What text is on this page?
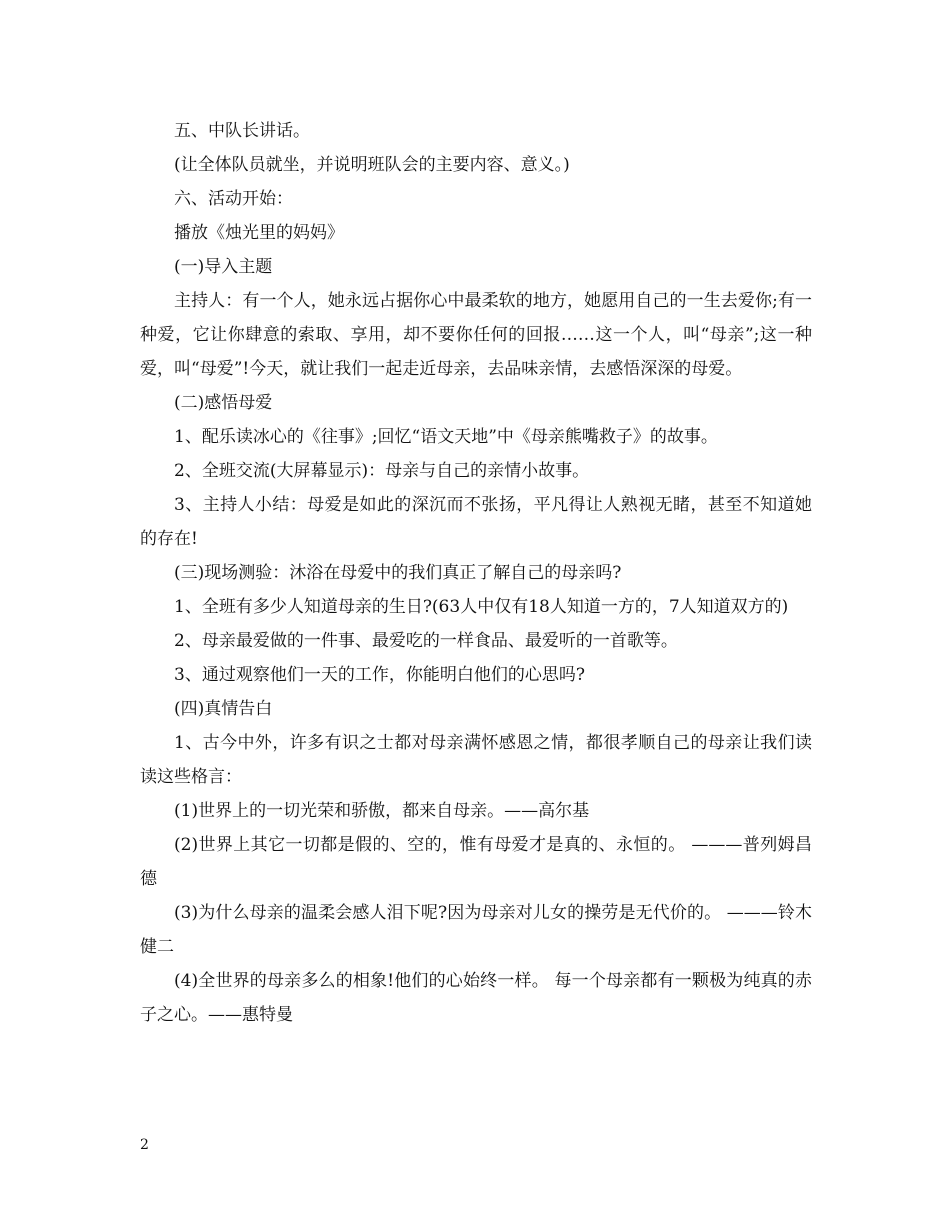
五、中队长讲话。

(让全体队员就坐，并说明班队会的主要内容、意义。)

六、活动开始：

播放《烛光里的妈妈》

(一)导入主题

主持人：有一个人，她永远占据你心中最柔软的地方，她愿用自己的一生去爱你;有一种爱，它让你肆意的索取、享用，却不要你任何的回报……这一个人，叫“母亲”;这一种爱，叫“母爱”!今天，就让我们一起走近母亲，去品味亲情，去感悟深深的母爱。

(二)感悟母爱

1、配乐读冰心的《往事》;回忆“语文天地”中《母亲熊嘴救子》的故事。

2、全班交流(大屏幕显示)：母亲与自己的亲情小故事。

3、主持人小结：母爱是如此的深沉而不张扬，平凡得让人熟视无睹，甚至不知道她的存在!

(三)现场测验：沐浴在母爱中的我们真正了解自己的母亲吗?

1、全班有多少人知道母亲的生日?(63人中仅有18人知道一方的，7人知道双方的)

2、母亲最爱做的一件事、最爱吃的一样食品、最爱听的一首歌等。

3、通过观察他们一天的工作，你能明白他们的心思吗?

(四)真情告白

1、古今中外，许多有识之士都对母亲满怀感恩之情，都很孝顺自己的母亲让我们读读这些格言：

(1)世界上的一切光荣和骄傲，都来自母亲。——高尔基

(2)世界上其它一切都是假的、空的，惟有母爱才是真的、永恒的。 ———普列姆昌德

(3)为什么母亲的温柔会感人泪下呢?因为母亲对儿女的操劳是无代价的。 ———铃木健二

(4)全世界的母亲多么的相象!他们的心始终一样。 每一个母亲都有一颗极为纯真的赤子之心。——惠特曼

2
